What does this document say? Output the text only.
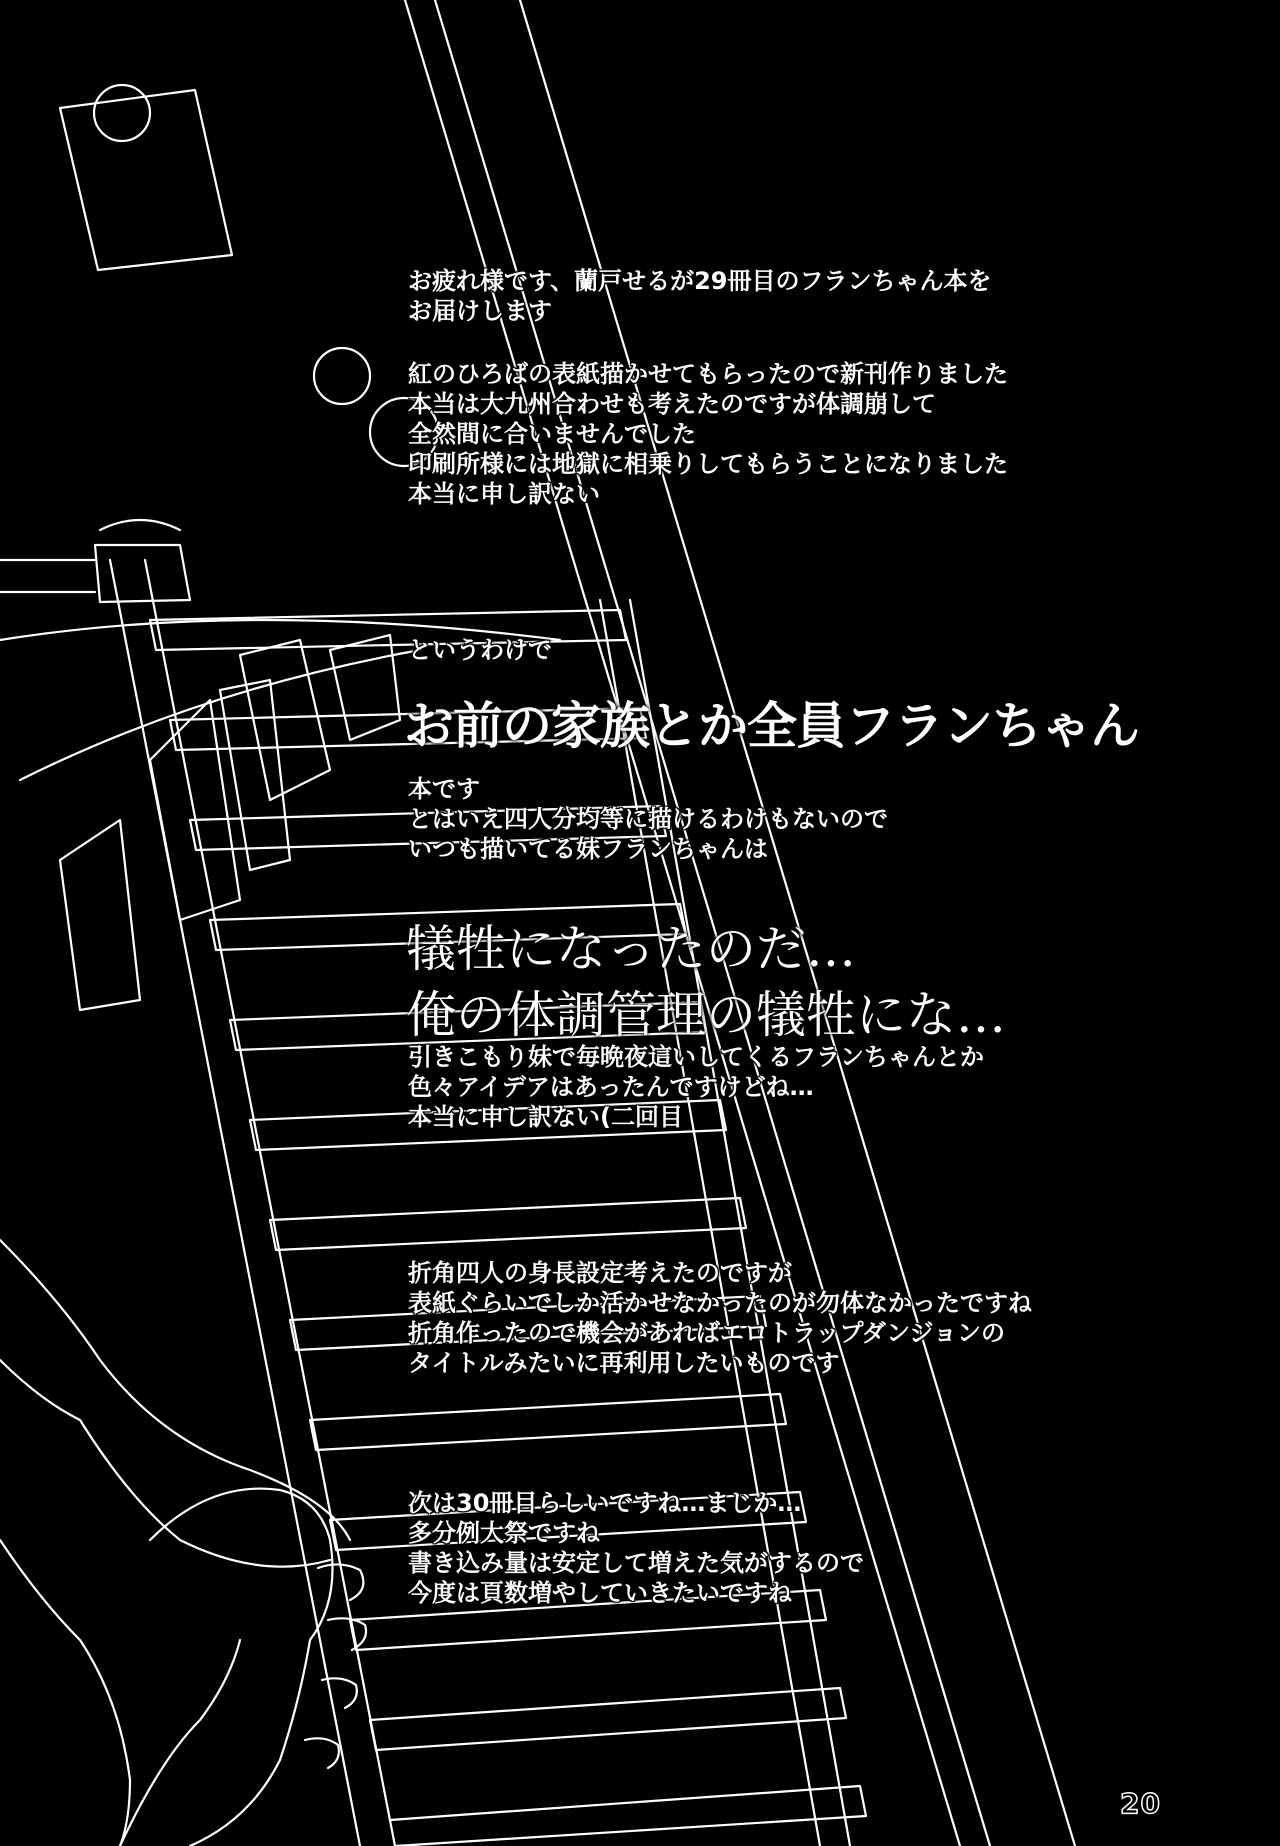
お疲れ様です、蘭戸せるが29冊目のフランちゃん本を
お届けします
紅のひろばの表紙描かせてもらったので新刊作りました
本当は大九州合わせも考えたのですが体調崩して
全然間に合いませんでした
印刷所様には地獄に相乗りしてもらうことになりました
本当に申し訳ない
というわけで
お前の家族とか全員フランちゃん
本です
とはいえ四人分均等に描けるわけもないので
いつも描いてる妹フランちゃんは
犠牲になったのだ…
俺の体調管理の犠牲にな…
引きこもり妹で毎晩夜這いしてくるフランちゃんとか
色々アイデアはあったんですけどね…
本当に申し訳ない(二回目
折角四人の身長設定考えたのですが
表紙ぐらいでしか活かせなかったのが勿体なかったですね
折角作ったので機会があればエロトラップダンジョンの
タイトルみたいに再利用したいものです
次は30冊目らしいですね…まじか…
多分例大祭ですね
書き込み量は安定して増えた気がするので
今度は頁数増やしていきたいですね
20
